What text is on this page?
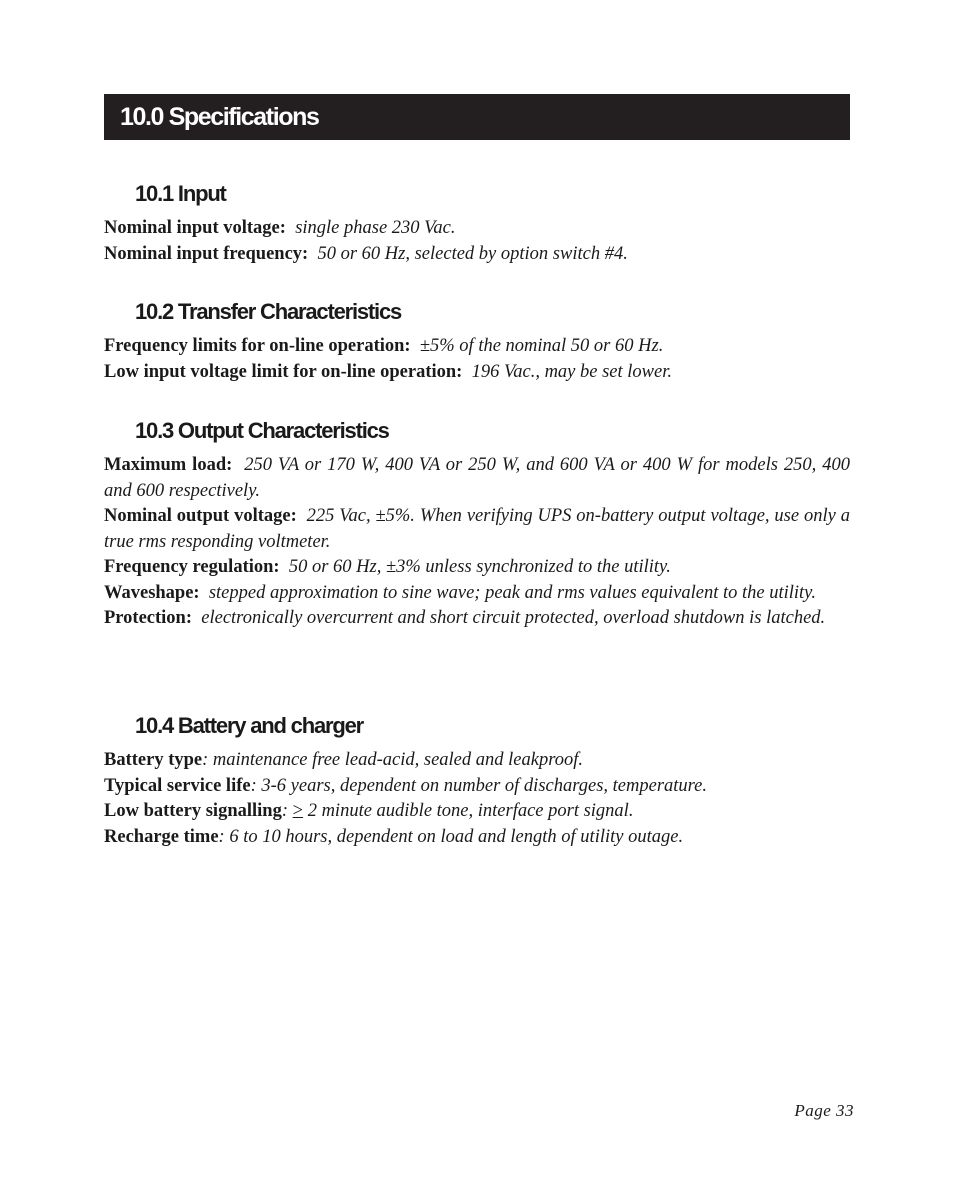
10.0 Specifications
10.1 Input

Nominal input voltage: single phase 230 Vac.

Nominal input frequency: 50 or 60 Hz, selected by option switch #4.

10.2 Transfer Characteristics

Frequency limits for on-line operation: ±5% of the nominal 50 or 60 Hz.

Low input voltage limit for on-line operation: 196 Vac., may be set lower.

10.3 Output Characteristics

Maximum load: 250 VA or 170 W, 400 VA or 250 W, and 600 VA or 400 W for models 250, 400 and 600 respectively.

Nominal output voltage: 225 Vac, ±5%. When verifying UPS on-battery output voltage, use only a true rms responding voltmeter.

Frequency regulation: 50 or 60 Hz, ±3% unless synchronized to the utility.

Waveshape: stepped approximation to sine wave; peak and rms values equivalent to the utility.

Protection: electronically overcurrent and short circuit protected, overload shutdown is latched.

10.4 Battery and charger

Battery type: maintenance free lead-acid, sealed and leakproof.

Typical service life: 3-6 years, dependent on number of discharges, temperature.

Low battery signalling: > 2 minute audible tone, interface port signal.

Recharge time: 6 to 10 hours, dependent on load and length of utility outage.

Page 33
